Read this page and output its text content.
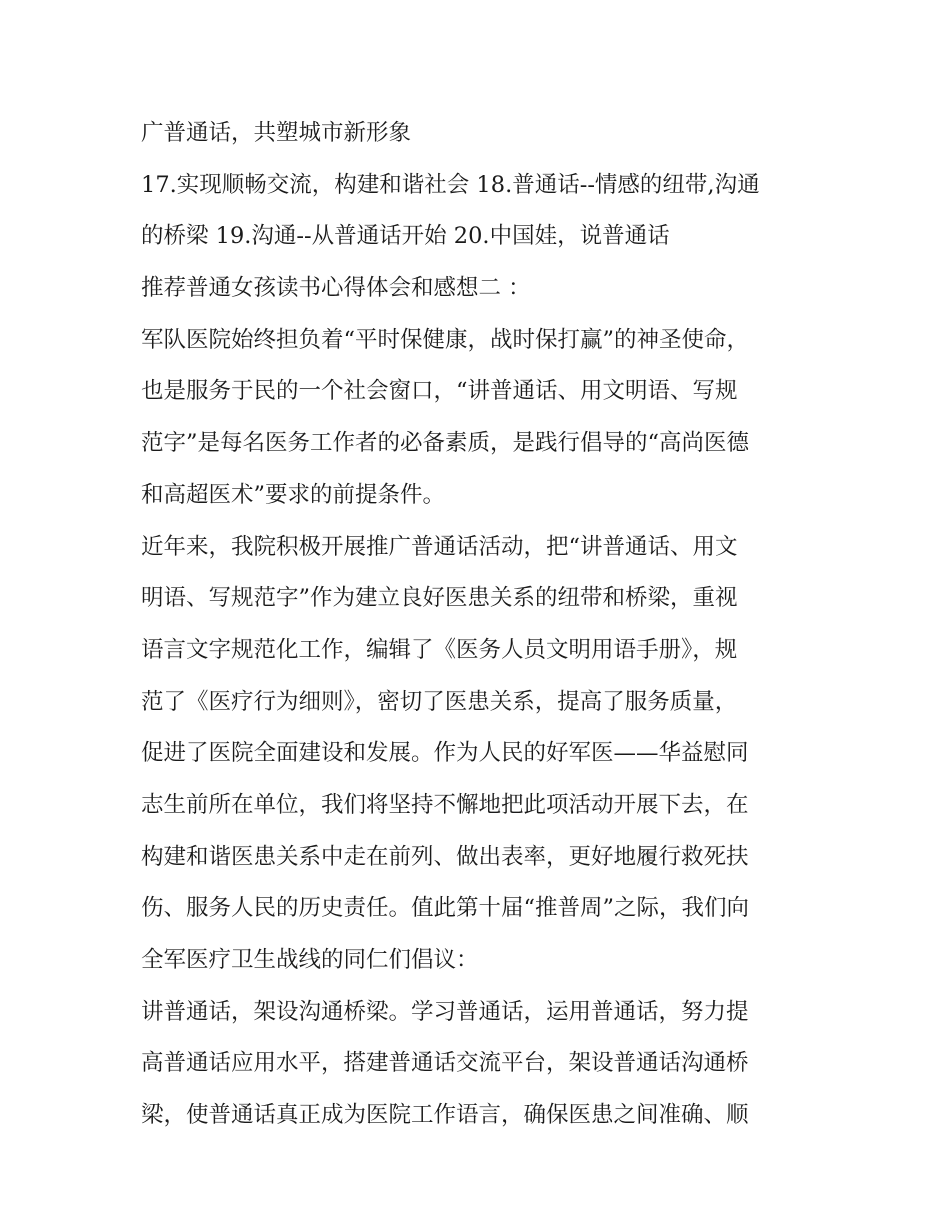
广普通话，共塑城市新形象
17.实现顺畅交流，构建和谐社会 18.普通话--情感的纽带,沟通
的桥梁 19.沟通--从普通话开始 20.中国娃，说普通话
推荐普通女孩读书心得体会和感想二 ：
军队医院始终担负着“平时保健康，战时保打赢”的神圣使命，
也是服务于民的一个社会窗口，“讲普通话、用文明语、写规
范字”是每名医务工作者的必备素质，是践行倡导的“高尚医德
和高超医术”要求的前提条件。
近年来，我院积极开展推广普通话活动，把“讲普通话、用文
明语、写规范字”作为建立良好医患关系的纽带和桥梁，重视
语言文字规范化工作，编辑了《医务人员文明用语手册》，规
范了《医疗行为细则》，密切了医患关系，提高了服务质量，
促进了医院全面建设和发展。作为人民的好军医——华益慰同
志生前所在单位，我们将坚持不懈地把此项活动开展下去，在
构建和谐医患关系中走在前列、做出表率，更好地履行救死扶
伤、服务人民的历史责任。值此第十届“推普周”之际，我们向
全军医疗卫生战线的同仁们倡议：
讲普通话，架设沟通桥梁。学习普通话，运用普通话，努力提
高普通话应用水平，搭建普通话交流平台，架设普通话沟通桥
梁，使普通话真正成为医院工作语言，确保医患之间准确、顺
